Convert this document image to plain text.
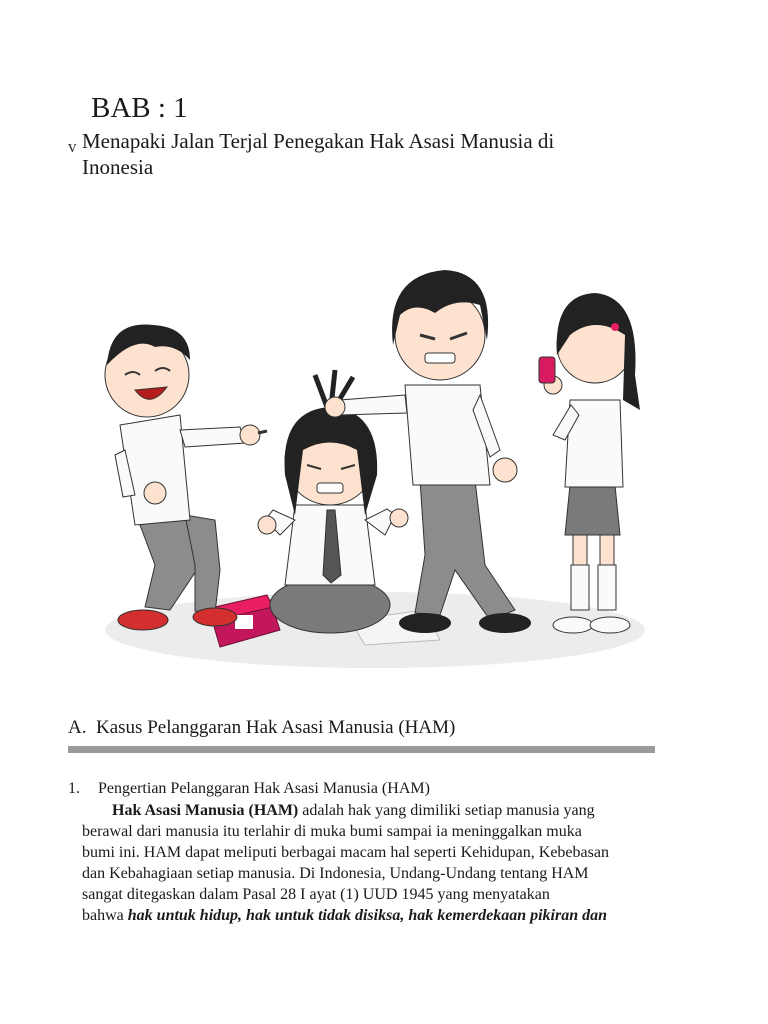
BAB : 1
v Menapaki Jalan Terjal Penegakan Hak Asasi Manusia di
Inonesia
A. Kasus Pelanggaran Hak Asasi Manusia (HAM)
1. Pengertian Pelanggaran Hak Asasi Manusia (HAM)
Hak Asasi Manusia (HAM) adalah hak yang dimiliki setiap manusia yang
berawal dari manusia itu terlahir di muka bumi sampai ia meninggalkan muka
bumi ini. HAM dapat meliputi berbagai macam hal seperti Kehidupan, Kebebasan
dan Kebahagiaan setiap manusia. Di Indonesia, Undang-Undang tentang HAM
sangat ditegaskan dalam Pasal 28 I ayat (1) UUD 1945 yang menyatakan
bahwa hak untuk hidup, hak untuk tidak disiksa, hak kemerdekaan pikiran dan
